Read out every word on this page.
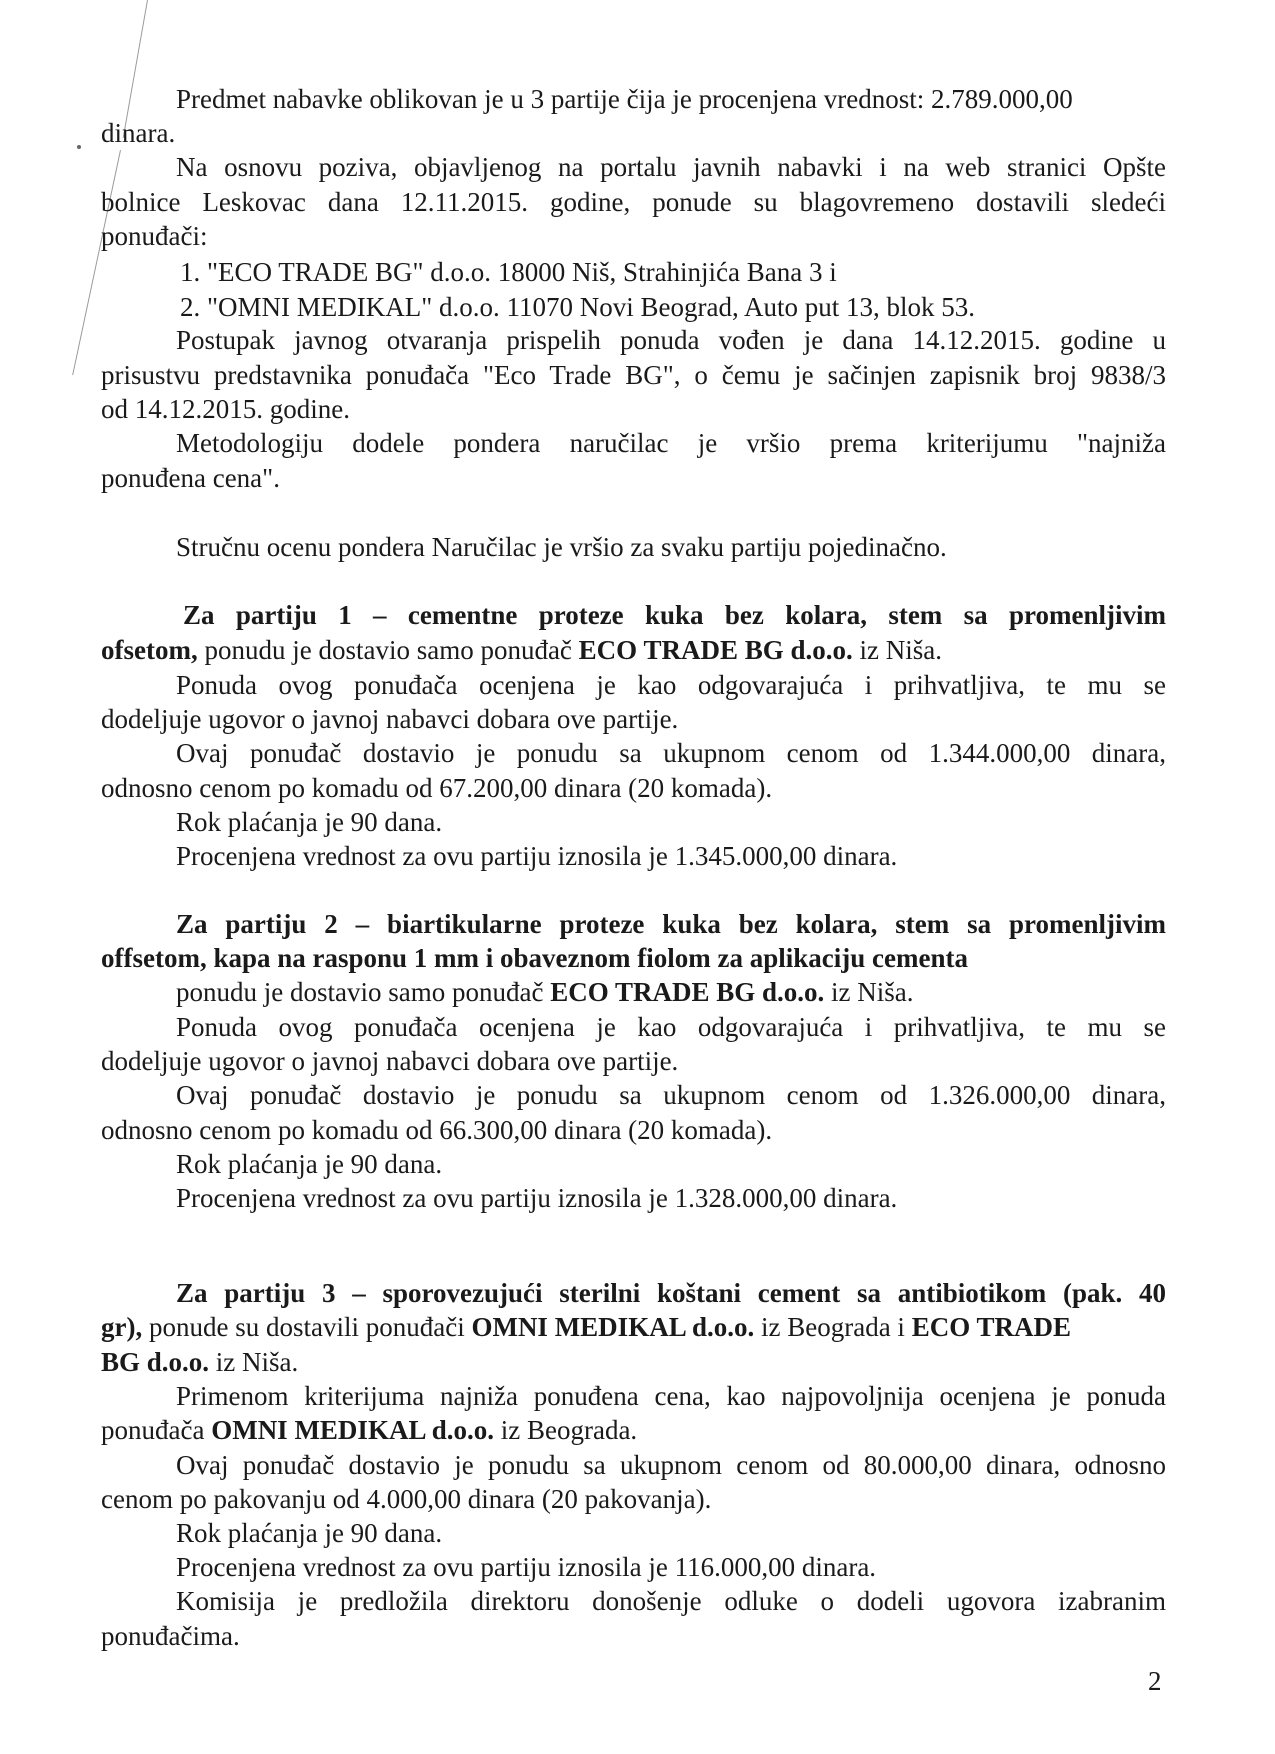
Predmet nabavke oblikovan je u 3 partije čija je procenjena vrednost: 2.789.000,00
dinara.
Na osnovu poziva, objavljenog na portalu javnih nabavki i na web stranici Opšte
bolnice Leskovac dana 12.11.2015. godine, ponude su blagovremeno dostavili sledeći
ponuđači:
1. "ECO TRADE BG" d.o.o. 18000 Niš, Strahinjića Bana 3 i
2. "OMNI MEDIKAL" d.o.o. 11070 Novi Beograd, Auto put 13, blok 53.
Postupak javnog otvaranja prispelih ponuda vođen je dana 14.12.2015. godine u
prisustvu predstavnika ponuđača "Eco Trade BG", o čemu je sačinjen zapisnik broj 9838/3
od 14.12.2015. godine.
Metodologiju dodele pondera naručilac je vršio prema kriterijumu "najniža
ponuđena cena".
Stručnu ocenu pondera Naručilac je vršio za svaku partiju pojedinačno.
Za partiju 1 – cementne proteze kuka bez kolara, stem sa promenljivim
ofsetom, ponudu je dostavio samo ponuđač ECO TRADE BG d.o.o. iz Niša.
Ponuda ovog ponuđača ocenjena je kao odgovarajuća i prihvatljiva, te mu se
dodeljuje ugovor o javnoj nabavci dobara ove partije.
Ovaj ponuđač dostavio je ponudu sa ukupnom cenom od 1.344.000,00 dinara,
odnosno cenom po komadu od 67.200,00 dinara (20 komada).
Rok plaćanja je 90 dana.
Procenjena vrednost za ovu partiju iznosila je 1.345.000,00 dinara.
Za partiju 2 – biartikularne proteze kuka bez kolara, stem sa promenljivim
offsetom, kapa na rasponu 1 mm i obaveznom fiolom za aplikaciju cementa
ponudu je dostavio samo ponuđač ECO TRADE BG d.o.o. iz Niša.
Ponuda ovog ponuđača ocenjena je kao odgovarajuća i prihvatljiva, te mu se
dodeljuje ugovor o javnoj nabavci dobara ove partije.
Ovaj ponuđač dostavio je ponudu sa ukupnom cenom od 1.326.000,00 dinara,
odnosno cenom po komadu od 66.300,00 dinara (20 komada).
Rok plaćanja je 90 dana.
Procenjena vrednost za ovu partiju iznosila je 1.328.000,00 dinara.
Za partiju 3 – sporovezujući sterilni koštani cement sa antibiotikom (pak. 40
gr), ponude su dostavili ponuđači OMNI MEDIKAL d.o.o. iz Beograda i ECO TRADE
BG d.o.o. iz Niša.
Primenom kriterijuma najniža ponuđena cena, kao najpovoljnija ocenjena je ponuda
ponuđača OMNI MEDIKAL d.o.o. iz Beograda.
Ovaj ponuđač dostavio je ponudu sa ukupnom cenom od 80.000,00 dinara, odnosno
cenom po pakovanju od 4.000,00 dinara (20 pakovanja).
Rok plaćanja je 90 dana.
Procenjena vrednost za ovu partiju iznosila je 116.000,00 dinara.
Komisija je predložila direktoru donošenje odluke o dodeli ugovora izabranim
ponuđačima.
2
